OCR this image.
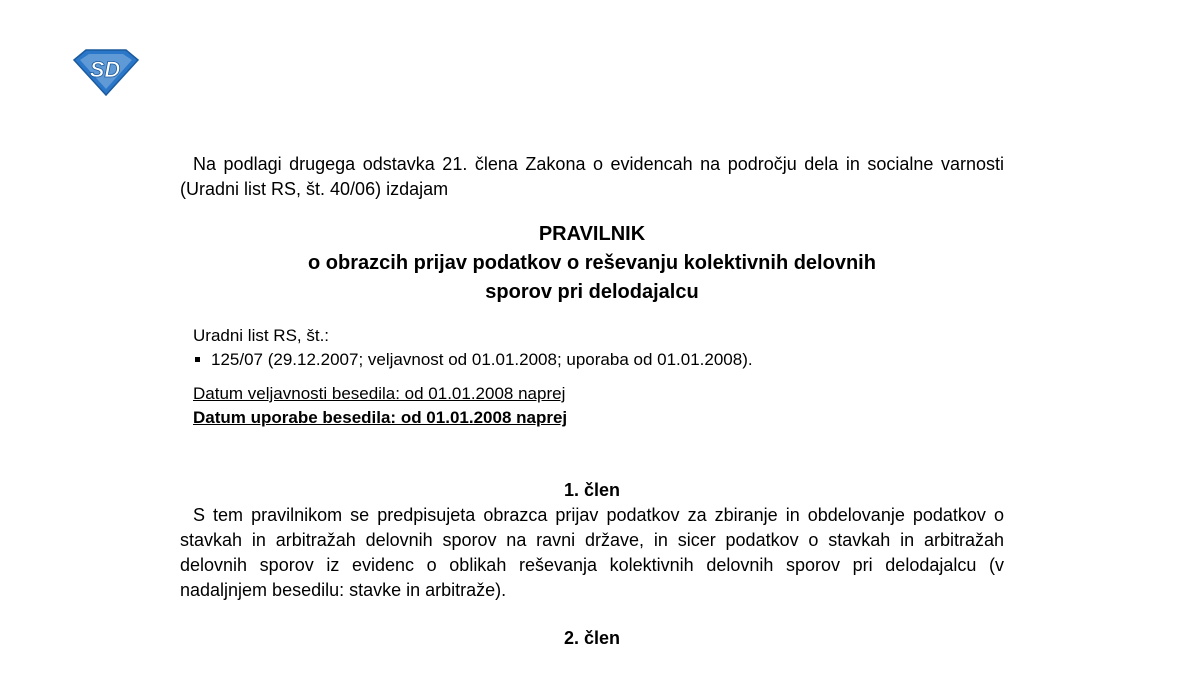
SD

Na podlagi drugega odstavka 21. člena Zakona o evidencah na področju dela in socialne varnosti (Uradni list RS, št. 40/06) izdajam

PRAVILNIK
o obrazcih prijav podatkov o reševanju kolektivnih delovnih
sporov pri delodajalcu
Uradni list RS, št.:
125/07 (29.12.2007; veljavnost od 01.01.2008; uporaba od 01.01.2008).
Datum veljavnosti besedila: od 01.01.2008 naprej
Datum uporabe besedila: od 01.01.2008 naprej
1. člen

S tem pravilnikom se predpisujeta obrazca prijav podatkov za zbiranje in obdelovanje podatkov o stavkah in arbitražah delovnih sporov na ravni države, in sicer podatkov o stavkah in arbitražah delovnih sporov iz evidenc o oblikah reševanja kolektivnih delovnih sporov pri delodajalcu (v nadaljnjem besedilu: stavke in arbitraže).

2. člen
